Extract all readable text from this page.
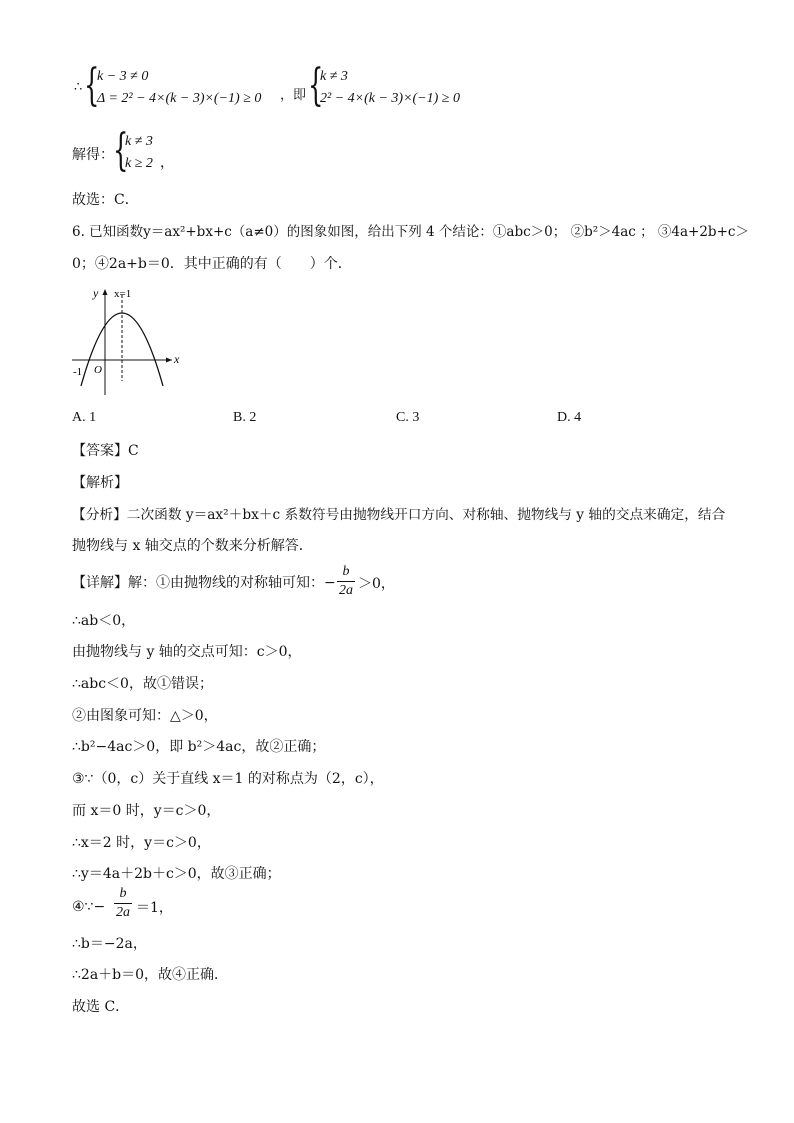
∴ {
k − 3 ≠ 0
Δ = 2² − 4×(k − 3)×(−1) ≥ 0 ，即 {
k ≠ 3
2² − 4×(k − 3)×(−1) ≥ 0
解得： {
k ≠ 3
k ≥ 2 ，
故选：C．
6. 已知函数y＝ax²+bx+c（a≠0）的图象如图，给出下列 4 个结论：①abc＞0； ②b²＞4ac ； ③4a+2b+c＞
0；④2a+b＝0．其中正确的有（　　）个．
y x=1
x
-1 O
A. 1	B. 2	C. 3	D. 4
【答案】C
【解析】
【分析】二次函数 y＝ax²＋bx＋c 系数符号由抛物线开口方向、对称轴、抛物线与 y 轴的交点来确定，结合
抛物线与 x 轴交点的个数来分析解答．
【详解】解：①由抛物线的对称轴可知：−
b
2a ＞0，
∴ab＜0，
由抛物线与 y 轴的交点可知：c＞0，
∴abc＜0，故①错误；
②由图象可知：△＞0，
∴b²−4ac＞0，即 b²＞4ac，故②正确；
③∵（0，c）关于直线 x＝1 的对称点为（2，c），
而 x＝0 时，y＝c＞0，
∴x＝2 时，y＝c＞0，
∴y＝4a＋2b＋c＞0，故③正确；
④∵−
b
2a ＝1，
∴b＝−2a，
∴2a＋b＝0，故④正确．
故选 C．
